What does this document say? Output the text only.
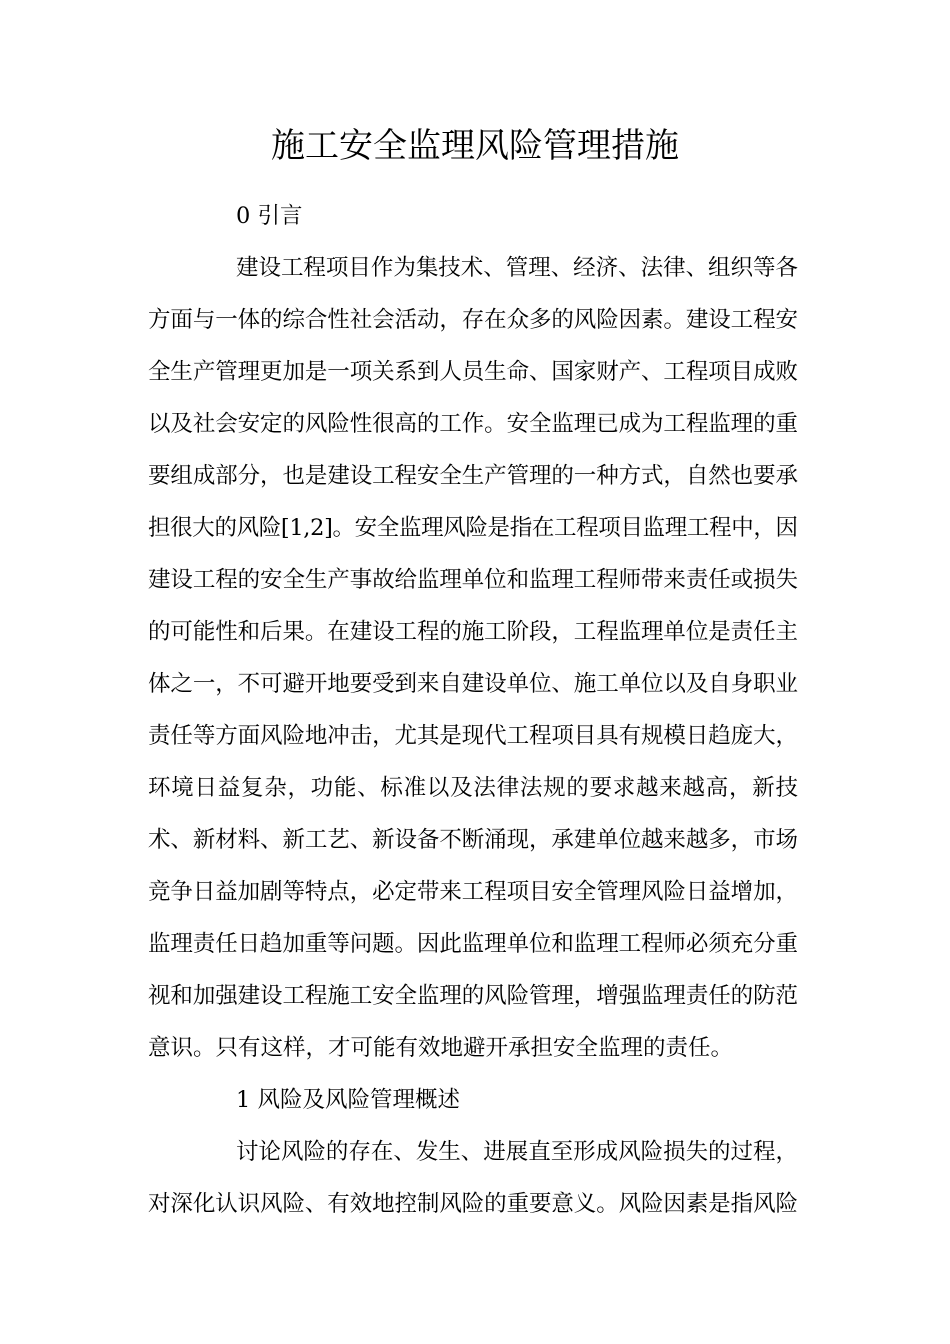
施工安全监理风险管理措施
0 引言
建设工程项目作为集技术、管理、经济、法律、组织等各
方面与一体的综合性社会活动，存在众多的风险因素。建设工程安
全生产管理更加是一项关系到人员生命、国家财产、工程项目成败
以及社会安定的风险性很高的工作。安全监理已成为工程监理的重
要组成部分，也是建设工程安全生产管理的一种方式，自然也要承
担很大的风险[1,2]。安全监理风险是指在工程项目监理工程中，因
建设工程的安全生产事故给监理单位和监理工程师带来责任或损失
的可能性和后果。在建设工程的施工阶段，工程监理单位是责任主
体之一，不可避开地要受到来自建设单位、施工单位以及自身职业
责任等方面风险地冲击，尤其是现代工程项目具有规模日趋庞大，
环境日益复杂，功能、标准以及法律法规的要求越来越高，新技
术、新材料、新工艺、新设备不断涌现，承建单位越来越多，市场
竞争日益加剧等特点，必定带来工程项目安全管理风险日益增加，
监理责任日趋加重等问题。因此监理单位和监理工程师必须充分重
视和加强建设工程施工安全监理的风险管理，增强监理责任的防范
意识。只有这样，才可能有效地避开承担安全监理的责任。
1 风险及风险管理概述
讨论风险的存在、发生、进展直至形成风险损失的过程，
对深化认识风险、有效地控制风险的重要意义。风险因素是指风险
